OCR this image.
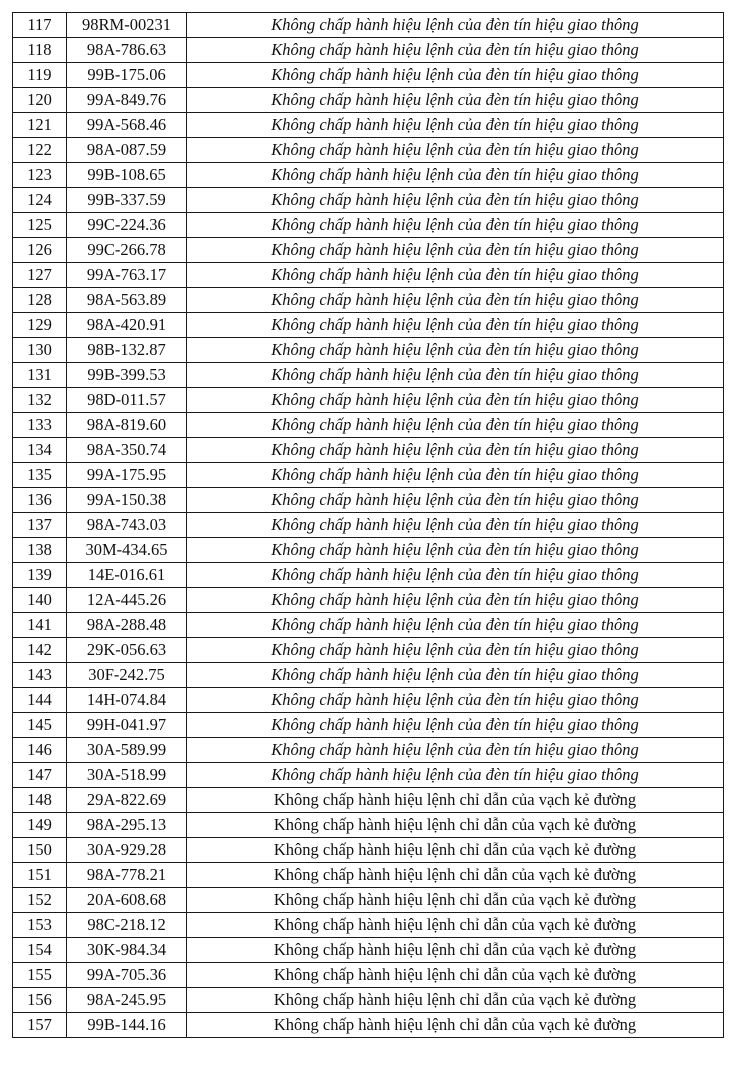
117	98RM-00231	Không chấp hành hiệu lệnh của đèn tín hiệu giao thông
118	98A-786.63	Không chấp hành hiệu lệnh của đèn tín hiệu giao thông
119	99B-175.06	Không chấp hành hiệu lệnh của đèn tín hiệu giao thông
120	99A-849.76	Không chấp hành hiệu lệnh của đèn tín hiệu giao thông
121	99A-568.46	Không chấp hành hiệu lệnh của đèn tín hiệu giao thông
122	98A-087.59	Không chấp hành hiệu lệnh của đèn tín hiệu giao thông
123	99B-108.65	Không chấp hành hiệu lệnh của đèn tín hiệu giao thông
124	99B-337.59	Không chấp hành hiệu lệnh của đèn tín hiệu giao thông
125	99C-224.36	Không chấp hành hiệu lệnh của đèn tín hiệu giao thông
126	99C-266.78	Không chấp hành hiệu lệnh của đèn tín hiệu giao thông
127	99A-763.17	Không chấp hành hiệu lệnh của đèn tín hiệu giao thông
128	98A-563.89	Không chấp hành hiệu lệnh của đèn tín hiệu giao thông
129	98A-420.91	Không chấp hành hiệu lệnh của đèn tín hiệu giao thông
130	98B-132.87	Không chấp hành hiệu lệnh của đèn tín hiệu giao thông
131	99B-399.53	Không chấp hành hiệu lệnh của đèn tín hiệu giao thông
132	98D-011.57	Không chấp hành hiệu lệnh của đèn tín hiệu giao thông
133	98A-819.60	Không chấp hành hiệu lệnh của đèn tín hiệu giao thông
134	98A-350.74	Không chấp hành hiệu lệnh của đèn tín hiệu giao thông
135	99A-175.95	Không chấp hành hiệu lệnh của đèn tín hiệu giao thông
136	99A-150.38	Không chấp hành hiệu lệnh của đèn tín hiệu giao thông
137	98A-743.03	Không chấp hành hiệu lệnh của đèn tín hiệu giao thông
138	30M-434.65	Không chấp hành hiệu lệnh của đèn tín hiệu giao thông
139	14E-016.61	Không chấp hành hiệu lệnh của đèn tín hiệu giao thông
140	12A-445.26	Không chấp hành hiệu lệnh của đèn tín hiệu giao thông
141	98A-288.48	Không chấp hành hiệu lệnh của đèn tín hiệu giao thông
142	29K-056.63	Không chấp hành hiệu lệnh của đèn tín hiệu giao thông
143	30F-242.75	Không chấp hành hiệu lệnh của đèn tín hiệu giao thông
144	14H-074.84	Không chấp hành hiệu lệnh của đèn tín hiệu giao thông
145	99H-041.97	Không chấp hành hiệu lệnh của đèn tín hiệu giao thông
146	30A-589.99	Không chấp hành hiệu lệnh của đèn tín hiệu giao thông
147	30A-518.99	Không chấp hành hiệu lệnh của đèn tín hiệu giao thông
148	29A-822.69	Không chấp hành hiệu lệnh chỉ dẫn của vạch kẻ đường
149	98A-295.13	Không chấp hành hiệu lệnh chỉ dẫn của vạch kẻ đường
150	30A-929.28	Không chấp hành hiệu lệnh chỉ dẫn của vạch kẻ đường
151	98A-778.21	Không chấp hành hiệu lệnh chỉ dẫn của vạch kẻ đường
152	20A-608.68	Không chấp hành hiệu lệnh chỉ dẫn của vạch kẻ đường
153	98C-218.12	Không chấp hành hiệu lệnh chỉ dẫn của vạch kẻ đường
154	30K-984.34	Không chấp hành hiệu lệnh chỉ dẫn của vạch kẻ đường
155	99A-705.36	Không chấp hành hiệu lệnh chỉ dẫn của vạch kẻ đường
156	98A-245.95	Không chấp hành hiệu lệnh chỉ dẫn của vạch kẻ đường
157	99B-144.16	Không chấp hành hiệu lệnh chỉ dẫn của vạch kẻ đường
